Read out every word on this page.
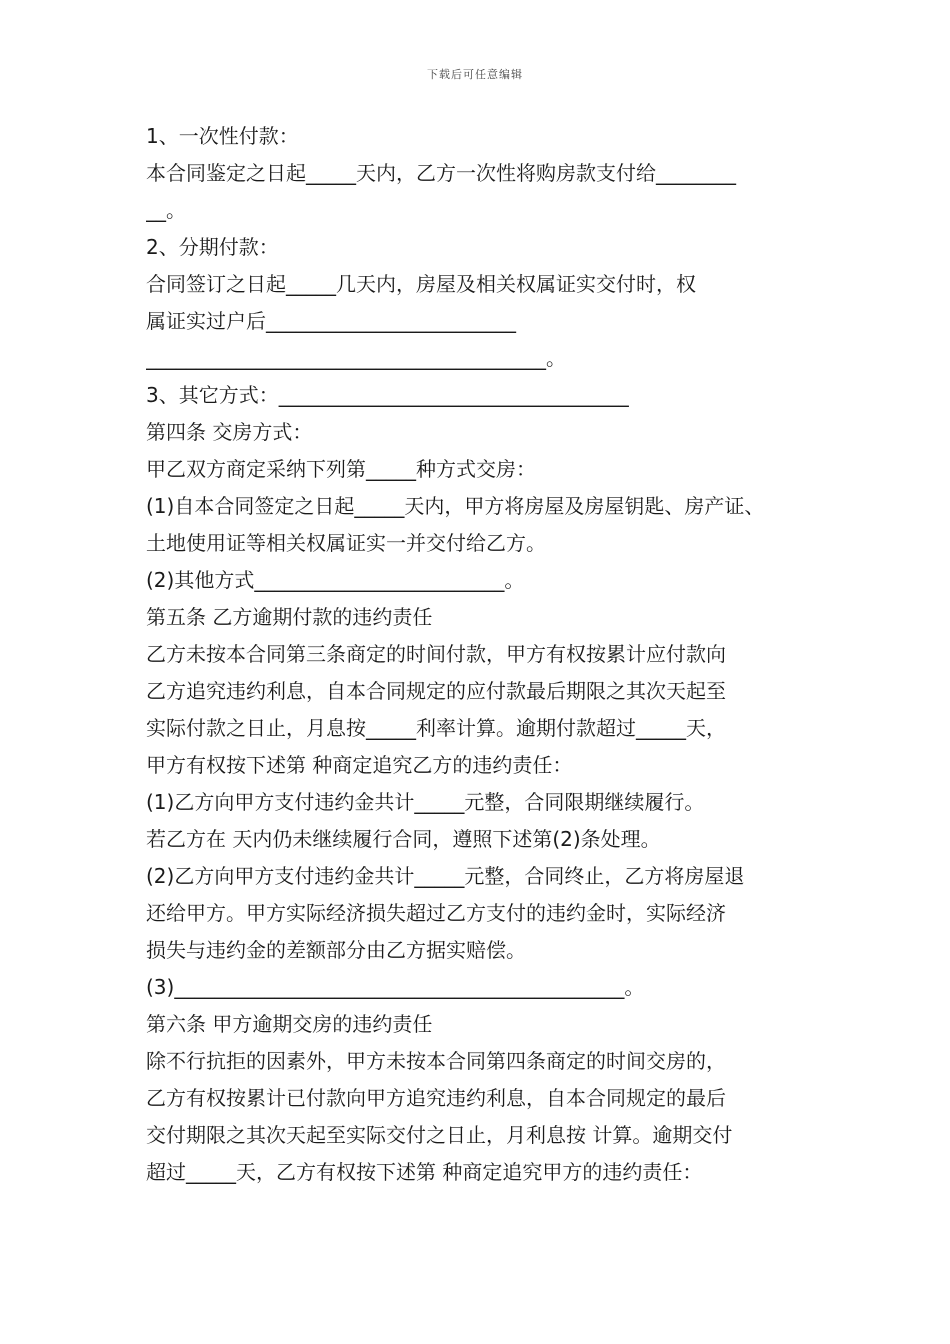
下载后可任意编辑
1、一次性付款：
本合同鉴定之日起_____天内，乙方一次性将购房款支付给________
__。
2、分期付款：
合同签订之日起_____几天内，房屋及相关权属证实交付时，权
属证实过户后_________________________
________________________________________。
3、其它方式：___________________________________
第四条 交房方式：
甲乙双方商定采纳下列第_____种方式交房：
(1)自本合同签定之日起_____天内，甲方将房屋及房屋钥匙、房产证、
土地使用证等相关权属证实一并交付给乙方。
(2)其他方式_________________________。
第五条 乙方逾期付款的违约责任
乙方未按本合同第三条商定的时间付款，甲方有权按累计应付款向
乙方追究违约利息，自本合同规定的应付款最后期限之其次天起至
实际付款之日止，月息按_____利率计算。逾期付款超过_____天，
甲方有权按下述第 种商定追究乙方的违约责任：
(1)乙方向甲方支付违约金共计_____元整，合同限期继续履行。
若乙方在 天内仍未继续履行合同，遵照下述第(2)条处理。
(2)乙方向甲方支付违约金共计_____元整，合同终止，乙方将房屋退
还给甲方。甲方实际经济损失超过乙方支付的违约金时，实际经济
损失与违约金的差额部分由乙方据实赔偿。
(3)_____________________________________________。
第六条 甲方逾期交房的违约责任
除不行抗拒的因素外，甲方未按本合同第四条商定的时间交房的，
乙方有权按累计已付款向甲方追究违约利息，自本合同规定的最后
交付期限之其次天起至实际交付之日止，月利息按 计算。逾期交付
超过_____天，乙方有权按下述第 种商定追究甲方的违约责任：
